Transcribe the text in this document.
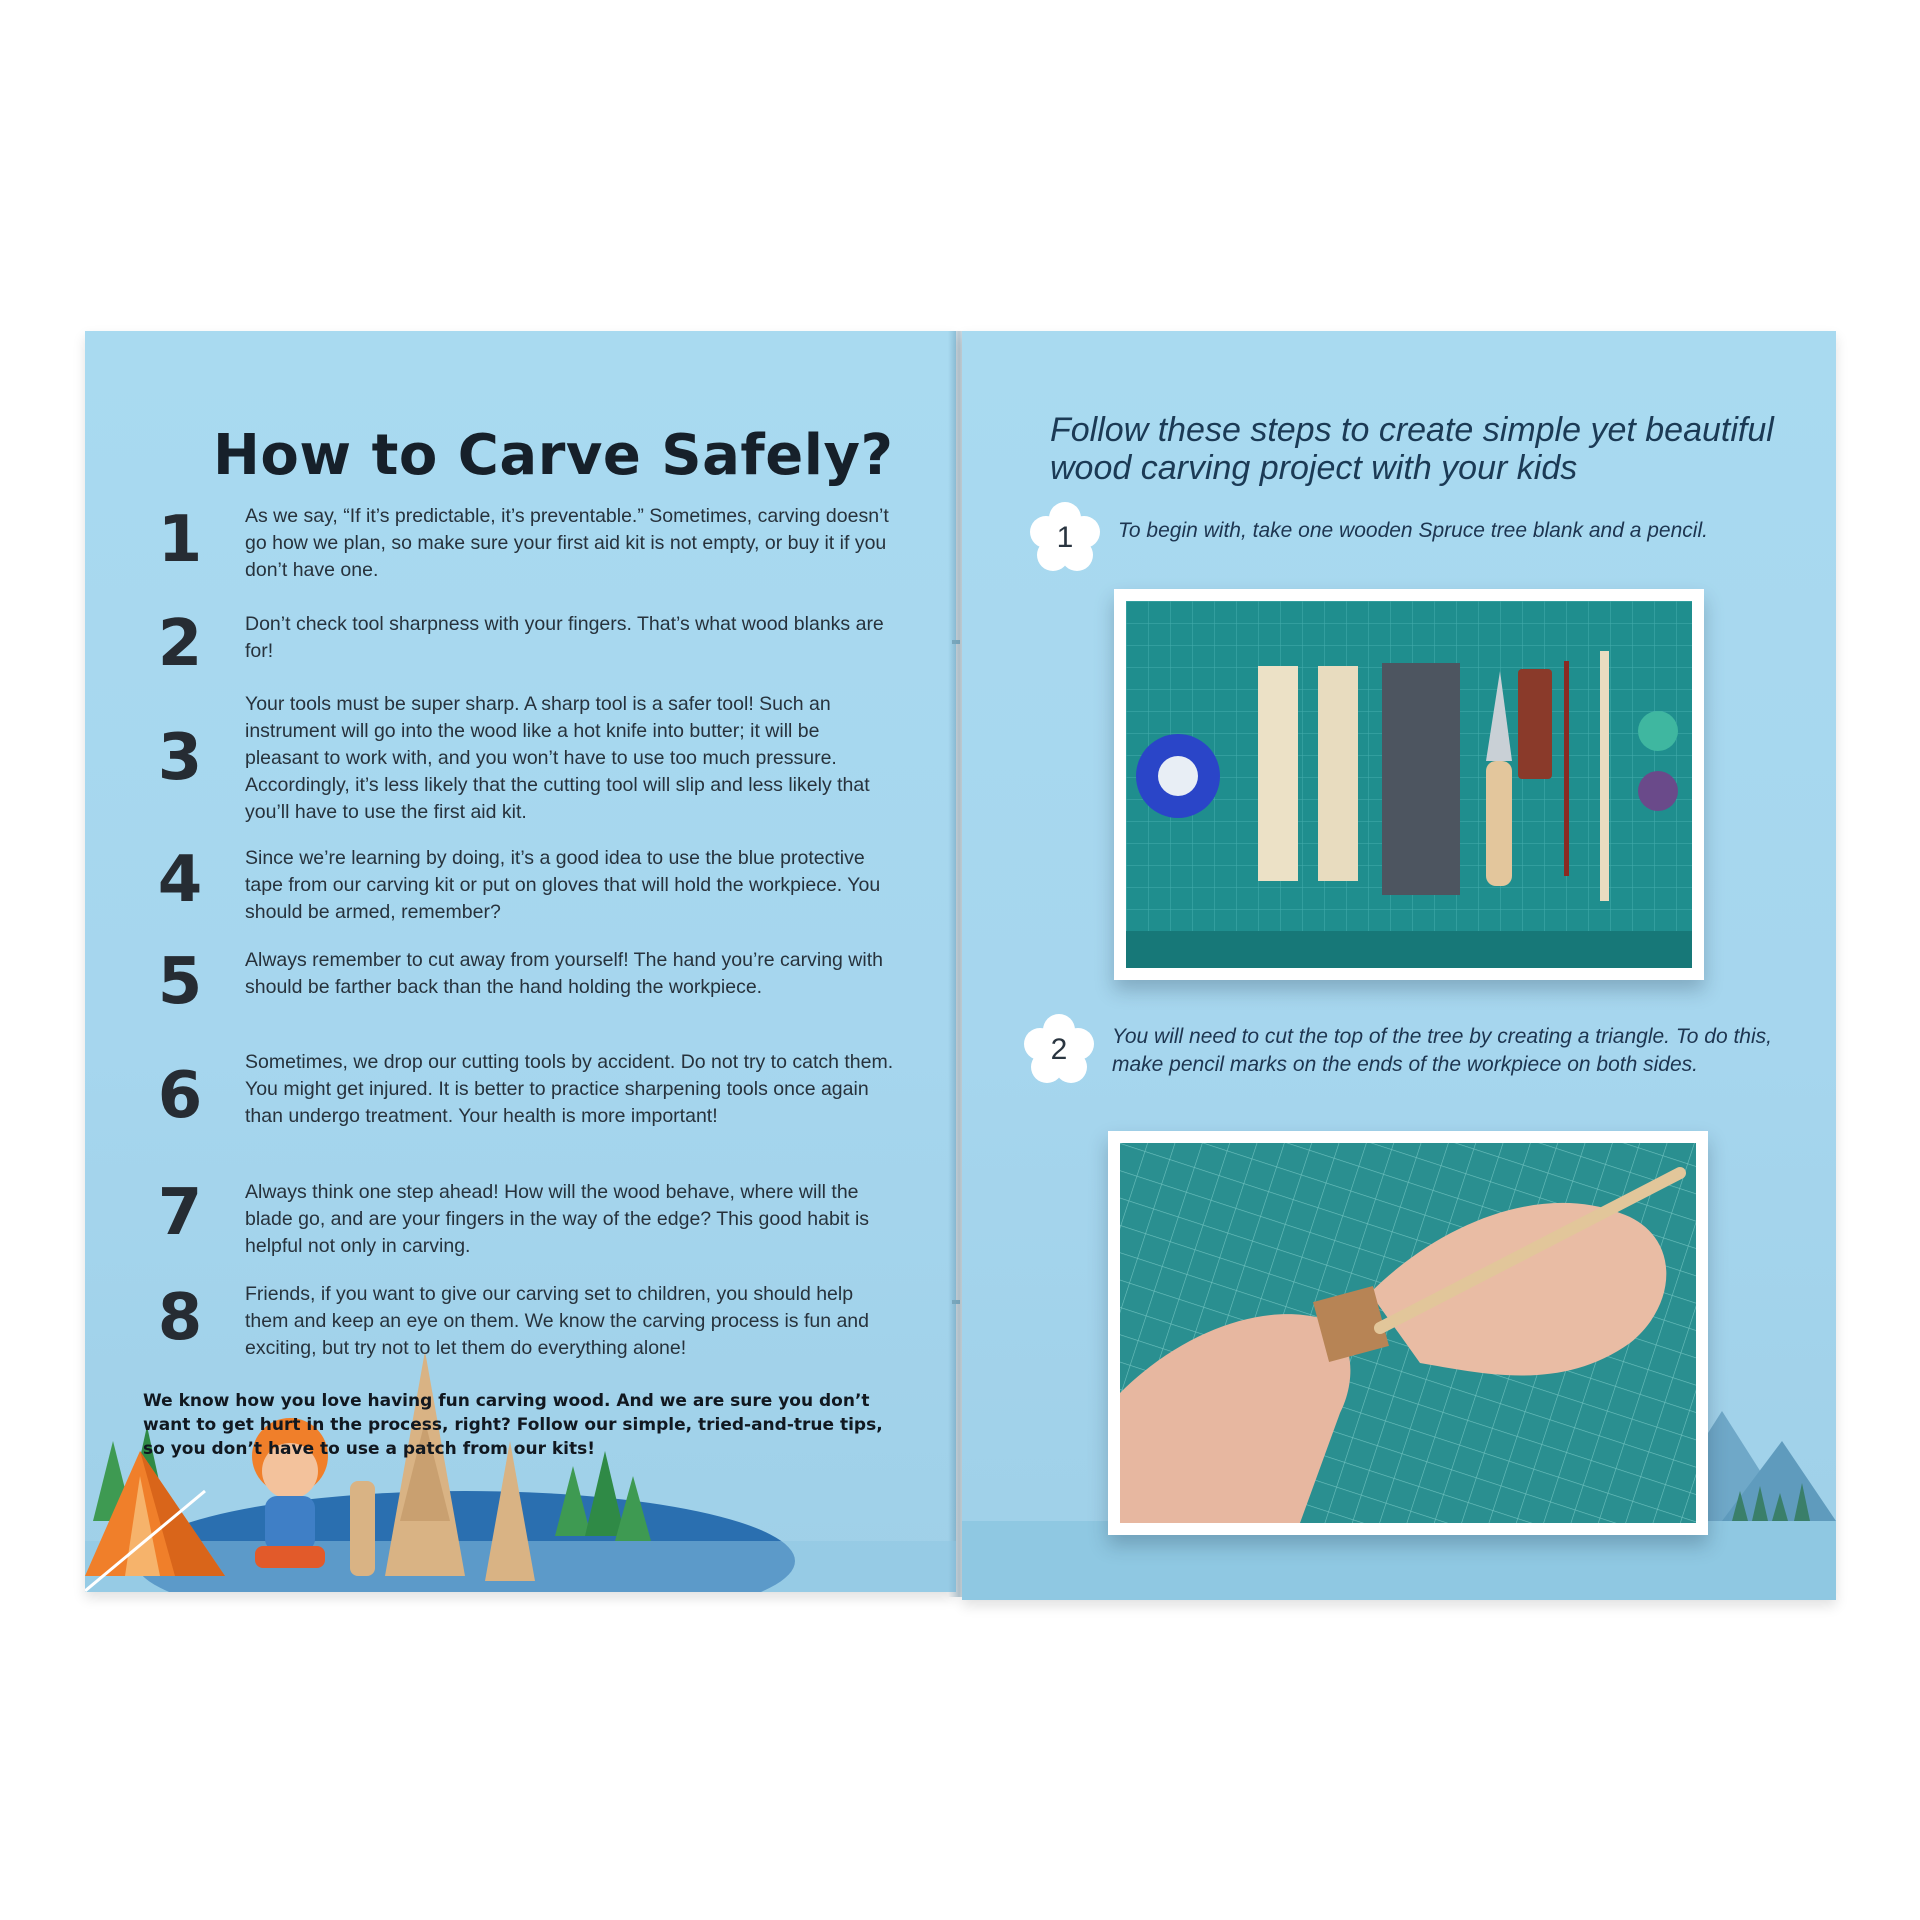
How to Carve Safely?
1	As we say, “If it’s predictable, it’s preventable.” Sometimes, carving doesn’t go how we plan, so make sure your first aid kit is not empty, or buy it if you don’t have one.
2	Don’t check tool sharpness with your fingers. That’s what wood blanks are for!
3
Your tools must be super sharp. A sharp tool is a safer tool! Such an instrument will go into the wood like a hot knife into butter; it will be pleasant to work with, and you won’t have to use too much pressure. Accordingly, it’s less likely that the cutting tool will slip and less likely that you’ll have to use the first aid kit.
4	Since we’re learning by doing, it’s a good idea to use the blue protective tape from our carving kit or put on gloves that will hold the workpiece. You should be armed, remember?
5	Always remember to cut away from yourself! The hand you’re carving with should be farther back than the hand holding the workpiece.
6	Sometimes, we drop our cutting tools by accident. Do not try to catch them. You might get injured. It is better to practice sharpening tools once again than undergo treatment. Your health is more important!
7	Always think one step ahead! How will the wood behave, where will the blade go, and are your fingers in the way of the edge? This good habit is helpful not only in carving.
8	Friends, if you want to give our carving set to children, you should help them and keep an eye on them. We know the carving process is fun and exciting, but try not to let them do everything alone!
We know how you love having fun carving wood. And we are sure you don’t want to get hurt in the process, right? Follow our simple, tried-and-true tips, so you don’t have to use a patch from our kits!
Follow these steps to create simple yet beautiful wood carving project with your kids
1	To begin with, take one wooden Spruce tree blank and a pencil.
2	You will need to cut the top of the tree by creating a triangle. To do this, make pencil marks on the ends of the workpiece on both sides.
